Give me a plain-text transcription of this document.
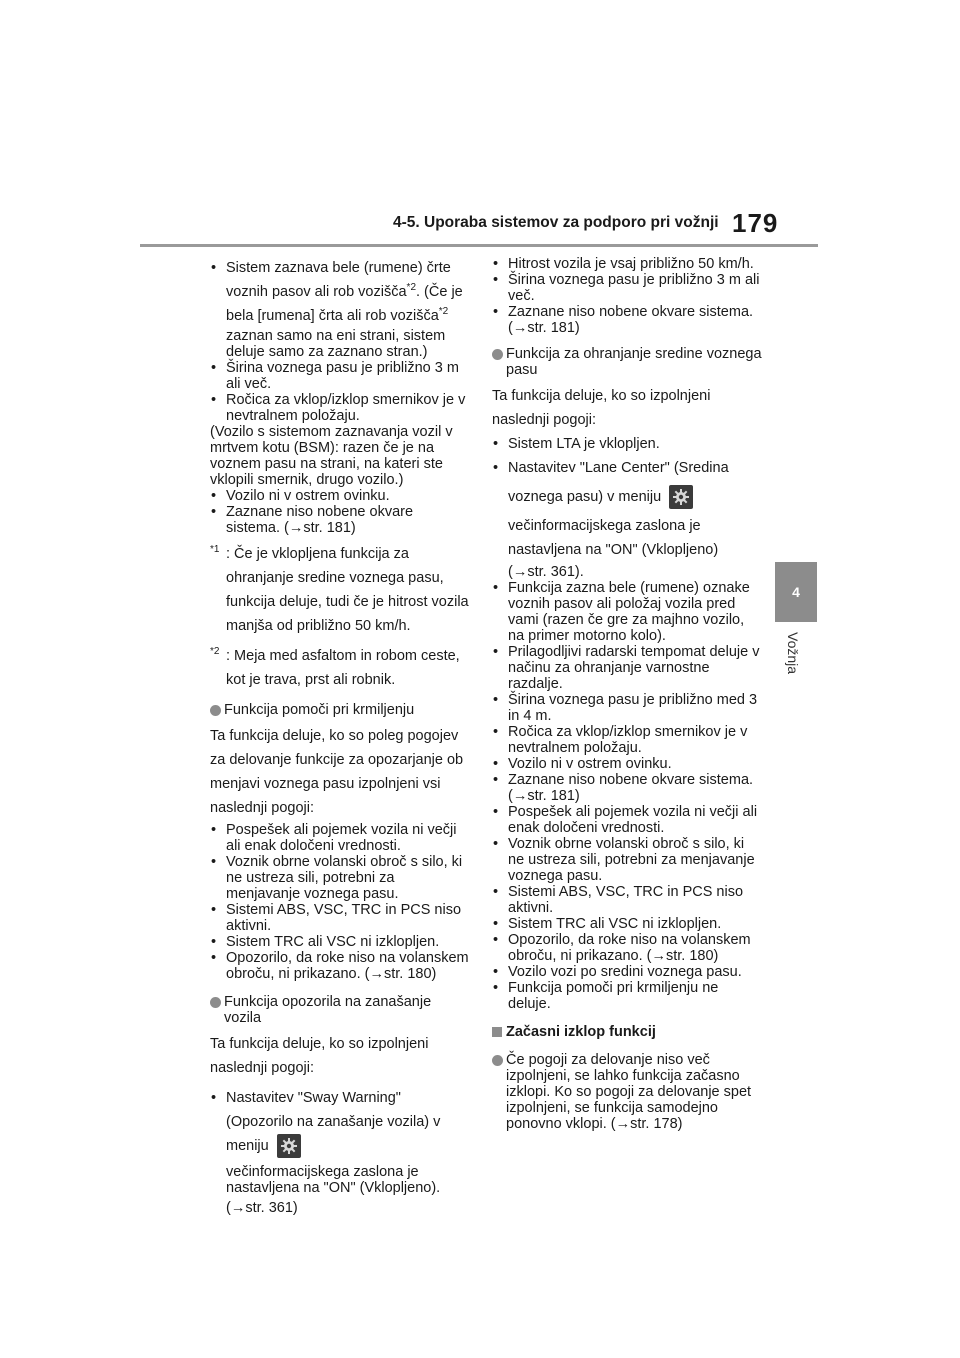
4-5. Uporaba sistemov za podporo pri vožnji 179
4
Vožnja
• Sistem zaznava bele (rumene) črte
voznih pasov ali rob vozišča$^{*2}$. (Če je
bela [rumena] črta ali rob vozišča$^{*2}$
zaznan samo na eni strani, sistem deluje samo za zaznano stran.)
• Širina voznega pasu je približno 3 m ali več.
• Ročica za vklop/izklop smernikov je v nevtralnem položaju.
(Vozilo s sistemom zaznavanja vozil v mrtvem kotu (BSM): razen če je na voznem pasu na strani, na kateri ste vklopili smernik, drugo vozilo.)
• Vozilo ni v ostrem ovinku.
• Zaznane niso nobene okvare sistema. (→str. 181)
*1 : Če je vklopljena funkcija za ohranjanje sredine voznega pasu, funkcija deluje, tudi če je hitrost vozila manjša od približno 50 km/h.
*2 : Meja med asfaltom in robom ceste, kot je trava, prst ali robnik.
Funkcija pomoči pri krmiljenju
Ta funkcija deluje, ko so poleg pogojev za delovanje funkcije za opozarjanje ob menjavi voznega pasu izpolnjeni vsi naslednji pogoji:
• Pospešek ali pojemek vozila ni večji ali enak določeni vrednosti.
• Voznik obrne volanski obroč s silo, ki ne ustreza sili, potrebni za menjavanje voznega pasu.
• Sistemi ABS, VSC, TRC in PCS niso aktivni.
• Sistem TRC ali VSC ni izklopljen.
• Opozorilo, da roke niso na volanskem obroču, ni prikazano. (→str. 180)
Funkcija opozorila na zanašanje vozila
Ta funkcija deluje, ko so izpolnjeni naslednji pogoji:
• Nastavitev "Sway Warning" (Opozorilo na zanašanje vozila) v meniju
večinformacijskega zaslona je nastavljena na "ON" (Vklopljeno).
(→str. 361)
• Hitrost vozila je vsaj približno 50 km/h.
• Širina voznega pasu je približno 3 m ali več.
• Zaznane niso nobene okvare sistema. (→str. 181)
Funkcija za ohranjanje sredine voznega pasu
Ta funkcija deluje, ko so izpolnjeni naslednji pogoji:
• Sistem LTA je vklopljen.
• Nastavitev "Lane Center" (Sredina
voznega pasu) v meniju
večinformacijskega zaslona je nastavljena na "ON" (Vklopljeno)
(→str. 361).
• Funkcija zazna bele (rumene) oznake voznih pasov ali položaj vozila pred vami (razen če gre za majhno vozilo, na primer motorno kolo).
• Prilagodljivi radarski tempomat deluje v načinu za ohranjanje varnostne razdalje.
• Širina voznega pasu je približno med 3 in 4 m.
• Ročica za vklop/izklop smernikov je v nevtralnem položaju.
• Vozilo ni v ostrem ovinku.
• Zaznane niso nobene okvare sistema. (→str. 181)
• Pospešek ali pojemek vozila ni večji ali enak določeni vrednosti.
• Voznik obrne volanski obroč s silo, ki ne ustreza sili, potrebni za menjavanje voznega pasu.
• Sistemi ABS, VSC, TRC in PCS niso aktivni.
• Sistem TRC ali VSC ni izklopljen.
• Opozorilo, da roke niso na volanskem obroču, ni prikazano. (→str. 180)
• Vozilo vozi po sredini voznega pasu.
• Funkcija pomoči pri krmiljenju ne deluje.
Začasni izklop funkcij
Če pogoji za delovanje niso več izpolnjeni, se lahko funkcija začasno izklopi. Ko so pogoji za delovanje spet izpolnjeni, se funkcija samodejno ponovno vklopi. (→str. 178)
